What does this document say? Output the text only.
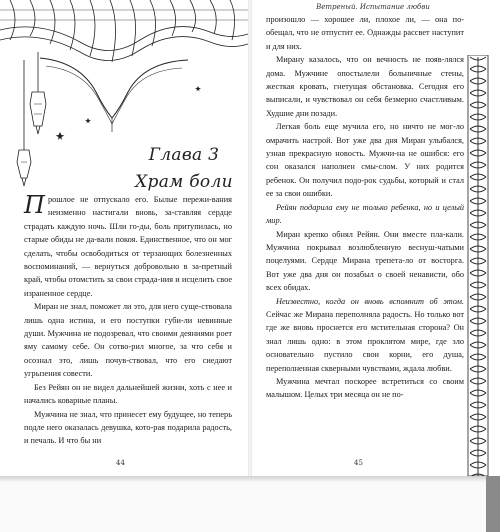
Глава 3
Храм боли

Прошлое не отпускало его. Былые пережи-вания неизменно настигали вновь, за-ставляя сердце страдать каждую ночь. Шли го-ды, боль притупилась, но старые обиды не да-вали покоя. Единственное, что он мог сделать, чтобы освободиться от терзающих болезненных воспоминаний, — вернуться добровольно в за-претный край, чтобы отомстить за свои страда-ния и исцелить свое израненное сердце.

Миран не знал, поможет ли это, для него суще-ствовала лишь одна истина, и его поступки губи-ли невинные души. Мужчина не подозревал, что своими деяниями роет яму самому себе. Он сотво-рил многое, за что себя и осознал это, лишь почув-ствовал, что его сиедают угрызения совести.

Без Рейян он не видел дальнейшей жизни, хоть с нее и начались коварные планы.

Мужчина не знал, что принесет ему будущее, но теперь подле него оказалась девушка, кото-рая подарила радость, и печаль. И что бы ни

44
Ветреный. Испытание любви

произошло — хорошее ли, плохое ли, — она по-обещал, что не отпустит ее. Однажды рассвет наступит и для них.

Мирану казалось, что он вечность не появ-лялся дома. Мужчине опостылели больничные стены, жесткая кровать, гнетущая обстановка. Сегодня его выписали, и чувствовал он себя безмерно счастливым. Худшие дни позади.

Легкая боль еще мучила его, но ничто не мог-ло омрачить настрой. Вот уже два дня Миран улыбался, узнав прекрасную новость. Мужчи-на не ошибся: его сон оказался наполнен смы-слом. У них родится ребенок. Он получил подо-рок судьбы, который и стал ее за свои ошибки.

Рейян подарила ему не только ребенка, но и целый мир.

Миран крепко обнял Рейян. Они вместе пла-кали. Мужчина покрывал возлюбленную веснуш-чатыми поцелуями. Сердце Мирана трепета-ло от восторга. Вот уже два дня он позабыл о своей ненависти, обо всех обидах.

Неизвестно, когда он вновь вспомнит об этом. Сейчас же Мирана переполняла радость. Но только вот где же вновь проснется его мстительная сторона? Он знал лишь одно: в этом проклятом мире, где зло основательно пустило свои корни, его душа, переполненная скверными чувствами, ждала любви.

Мужчина мечтал поскорее встретиться со своим малышом. Целых три месяца он не по-

45
